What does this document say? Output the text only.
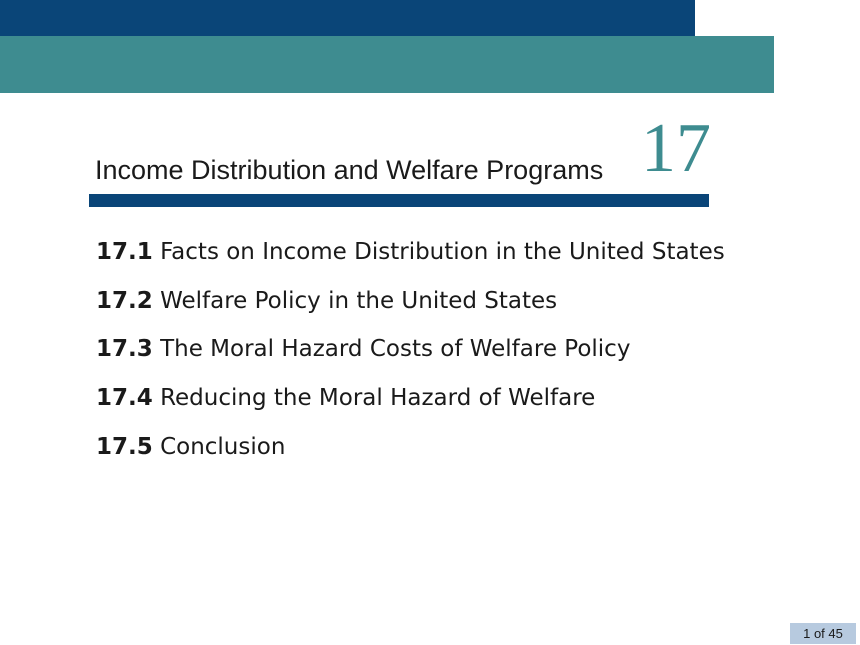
Income Distribution and Welfare Programs 17
17.1 Facts on Income Distribution in the United States
17.2 Welfare Policy in the United States
17.3 The Moral Hazard Costs of Welfare Policy
17.4 Reducing the Moral Hazard of Welfare
17.5 Conclusion
1 of 45
